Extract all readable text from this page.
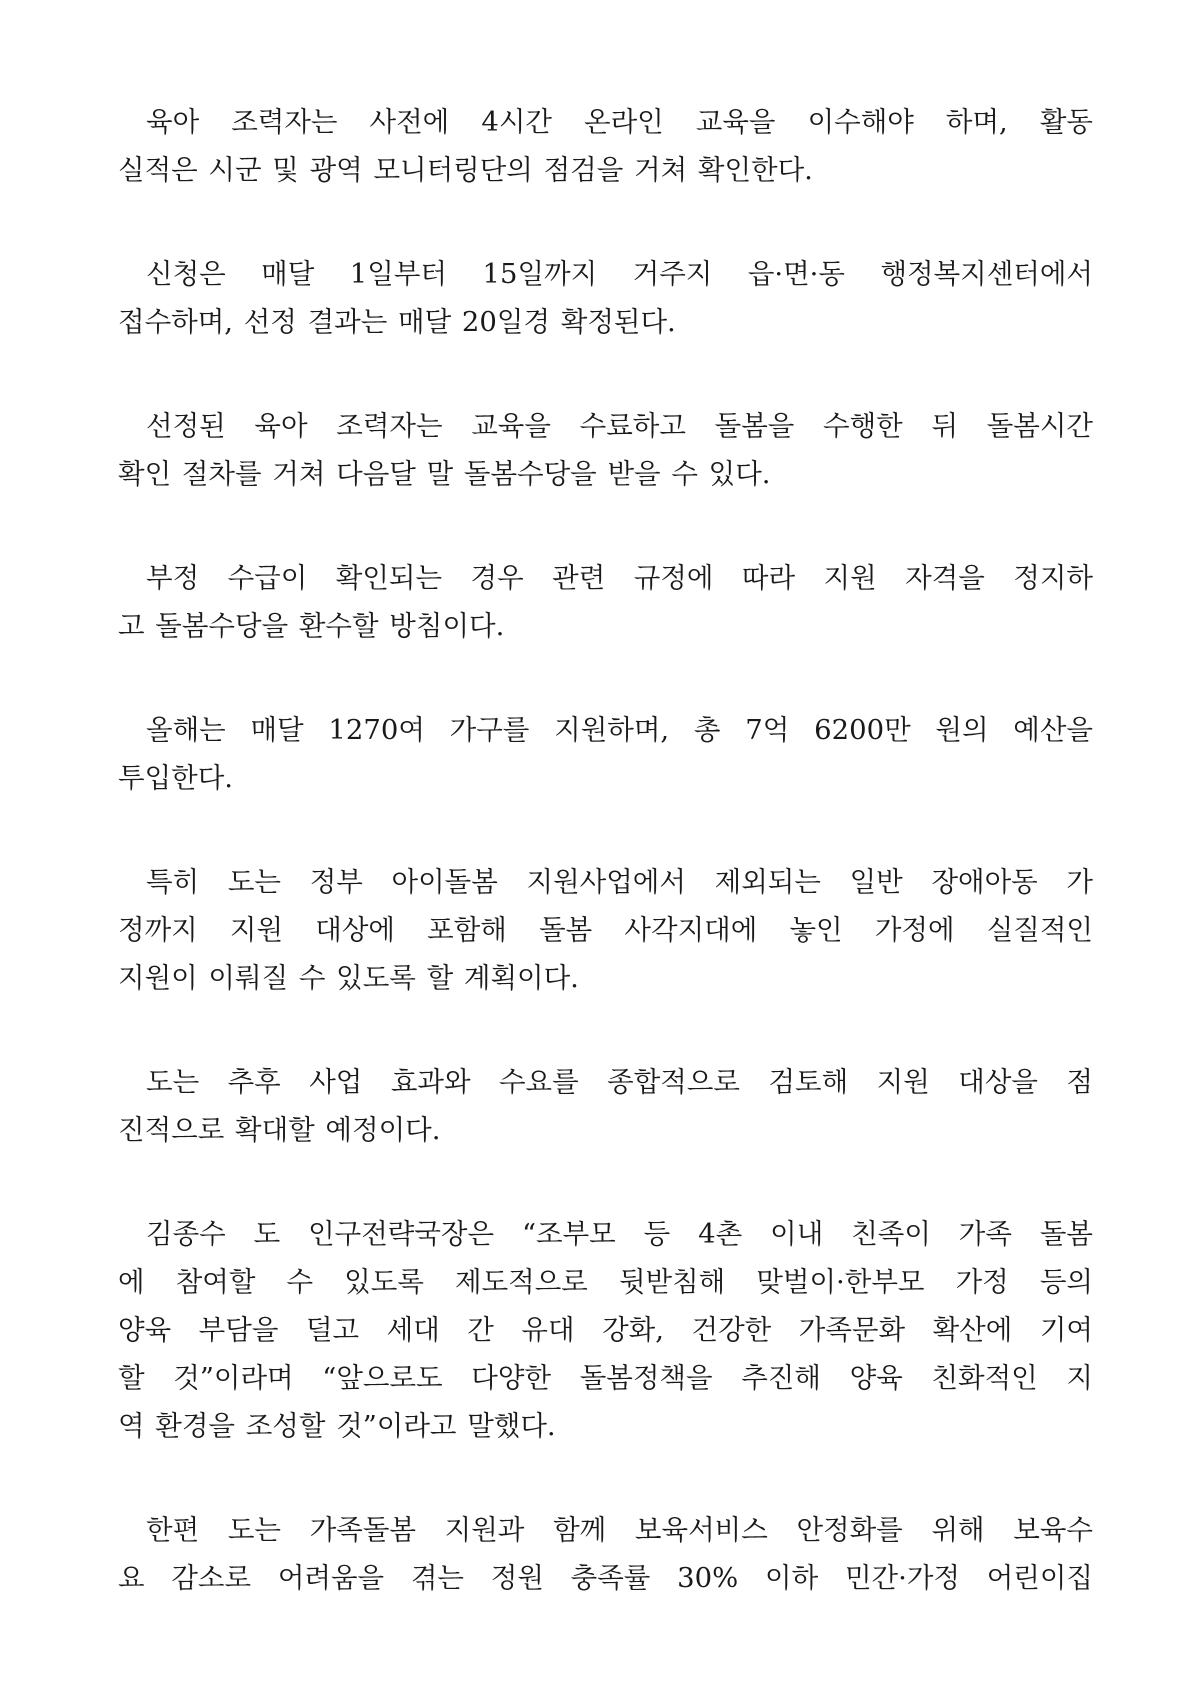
육아 조력자는 사전에 4시간 온라인 교육을 이수해야 하며, 활동
실적은 시군 및 광역 모니터링단의 점검을 거쳐 확인한다.

신청은 매달 1일부터 15일까지 거주지 읍·면·동 행정복지센터에서
접수하며, 선정 결과는 매달 20일경 확정된다.

선정된 육아 조력자는 교육을 수료하고 돌봄을 수행한 뒤 돌봄시간
확인 절차를 거쳐 다음달 말 돌봄수당을 받을 수 있다.

부정 수급이 확인되는 경우 관련 규정에 따라 지원 자격을 정지하
고 돌봄수당을 환수할 방침이다.

올해는 매달 1270여 가구를 지원하며, 총 7억 6200만 원의 예산을
투입한다.

특히 도는 정부 아이돌봄 지원사업에서 제외되는 일반 장애아동 가
정까지 지원 대상에 포함해 돌봄 사각지대에 놓인 가정에 실질적인
지원이 이뤄질 수 있도록 할 계획이다.

도는 추후 사업 효과와 수요를 종합적으로 검토해 지원 대상을 점
진적으로 확대할 예정이다.

김종수 도 인구전략국장은 “조부모 등 4촌 이내 친족이 가족 돌봄
에 참여할 수 있도록 제도적으로 뒷받침해 맞벌이·한부모 가정 등의
양육 부담을 덜고 세대 간 유대 강화, 건강한 가족문화 확산에 기여
할 것”이라며 “앞으로도 다양한 돌봄정책을 추진해 양육 친화적인 지
역 환경을 조성할 것”이라고 말했다.

한편 도는 가족돌봄 지원과 함께 보육서비스 안정화를 위해 보육수
요 감소로 어려움을 겪는 정원 충족률 30% 이하 민간·가정 어린이집
